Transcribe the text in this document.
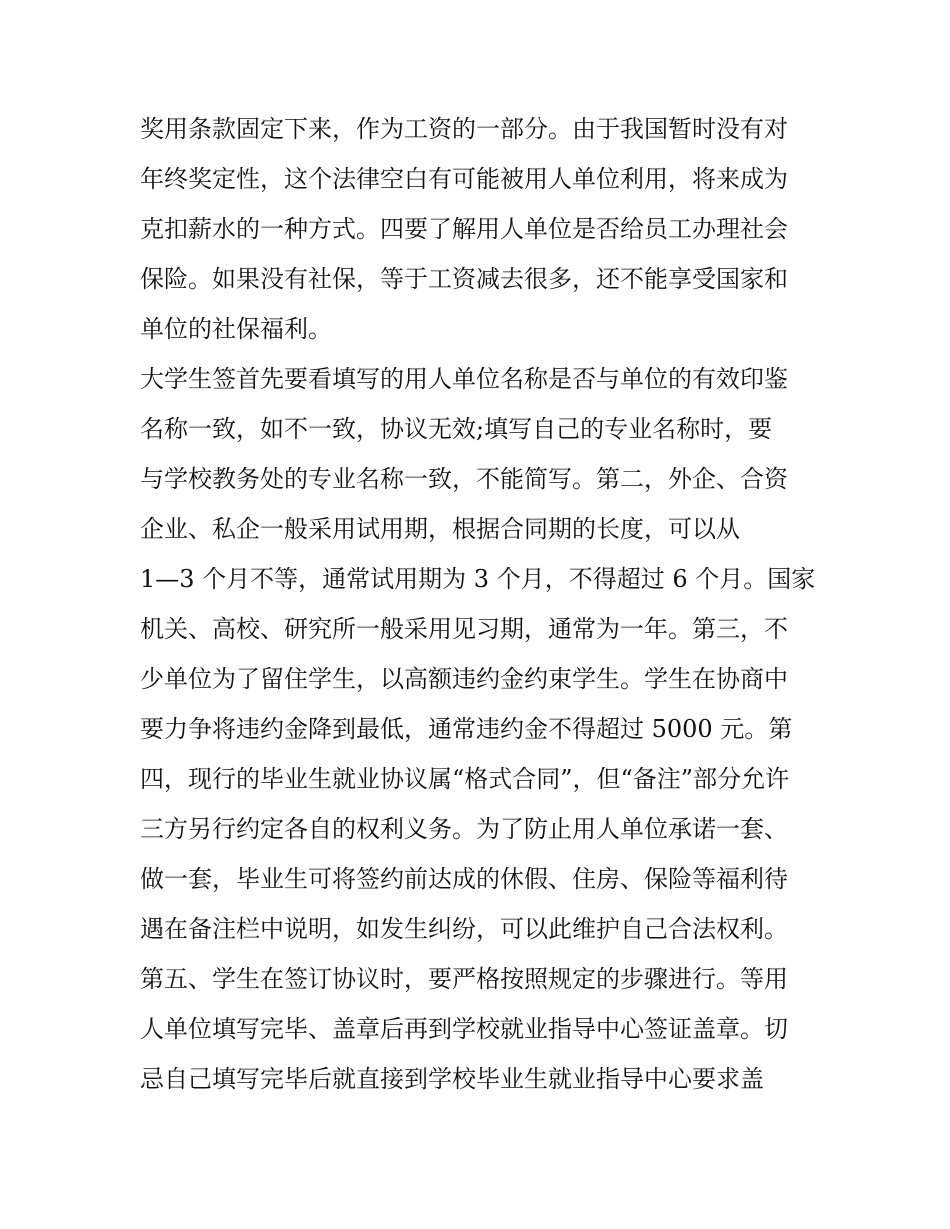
奖用条款固定下来，作为工资的一部分。由于我国暂时没有对
年终奖定性，这个法律空白有可能被用人单位利用，将来成为
克扣薪水的一种方式。四要了解用人单位是否给员工办理社会
保险。如果没有社保，等于工资减去很多，还不能享受国家和
单位的社保福利。
大学生签首先要看填写的用人单位名称是否与单位的有效印鉴
名称一致，如不一致，协议无效;填写自己的专业名称时，要
与学校教务处的专业名称一致，不能简写。第二，外企、合资
企业、私企一般采用试用期，根据合同期的长度，可以从
1—3 个月不等，通常试用期为 3 个月，不得超过 6 个月。国家
机关、高校、研究所一般采用见习期，通常为一年。第三，不
少单位为了留住学生，以高额违约金约束学生。学生在协商中
要力争将违约金降到最低，通常违约金不得超过 5000 元。第
四，现行的毕业生就业协议属“格式合同”，但“备注”部分允许
三方另行约定各自的权利义务。为了防止用人单位承诺一套、
做一套，毕业生可将签约前达成的休假、住房、保险等福利待
遇在备注栏中说明，如发生纠纷，可以此维护自己合法权利。
第五、学生在签订协议时，要严格按照规定的步骤进行。等用
人单位填写完毕、盖章后再到学校就业指导中心签证盖章。切
忌自己填写完毕后就直接到学校毕业生就业指导中心要求盖
